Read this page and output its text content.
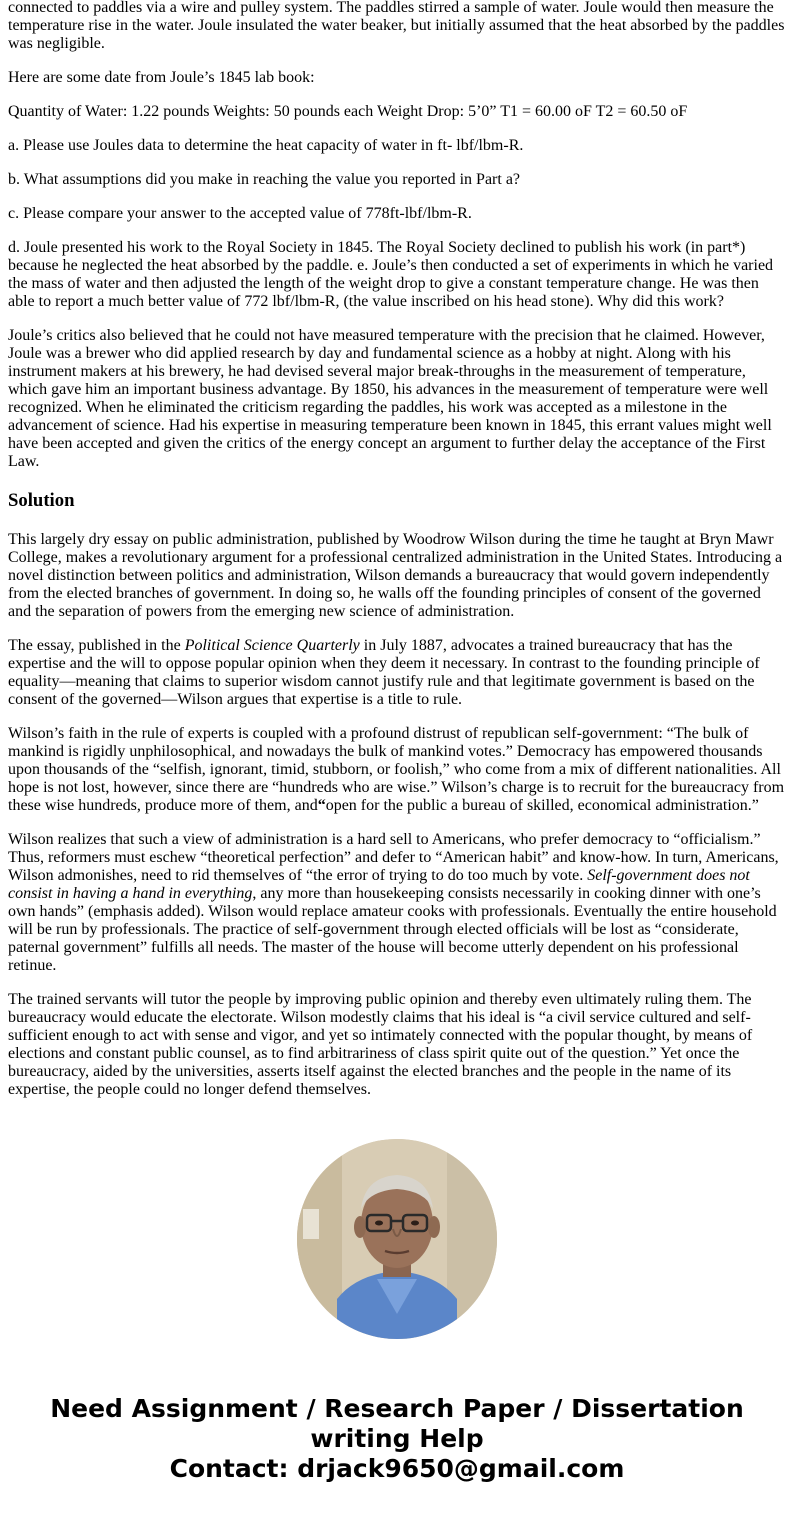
connected to paddles via a wire and pulley system. The paddles stirred a sample of water. Joule would then measure the temperature rise in the water. Joule insulated the water beaker, but initially assumed that the heat absorbed by the paddles was negligible.

Here are some date from Joule’s 1845 lab book:

Quantity of Water: 1.22 pounds Weights: 50 pounds each Weight Drop: 5’0” T1 = 60.00 oF T2 = 60.50 oF

a. Please use Joules data to determine the heat capacity of water in ft- lbf/lbm-R.

b. What assumptions did you make in reaching the value you reported in Part a?

c. Please compare your answer to the accepted value of 778ft-lbf/lbm-R.

d. Joule presented his work to the Royal Society in 1845. The Royal Society declined to publish his work (in part*) because he neglected the heat absorbed by the paddle. e. Joule’s then conducted a set of experiments in which he varied the mass of water and then adjusted the length of the weight drop to give a constant temperature change. He was then able to report a much better value of 772 lbf/lbm-R, (the value inscribed on his head stone). Why did this work?

Joule’s critics also believed that he could not have measured temperature with the precision that he claimed. However, Joule was a brewer who did applied research by day and fundamental science as a hobby at night. Along with his instrument makers at his brewery, he had devised several major break-throughs in the measurement of temperature, which gave him an important business advantage. By 1850, his advances in the measurement of temperature were well recognized. When he eliminated the criticism regarding the paddles, his work was accepted as a milestone in the advancement of science. Had his expertise in measuring temperature been known in 1845, this errant values might well have been accepted and given the critics of the energy concept an argument to further delay the acceptance of the First Law.

Solution

This largely dry essay on public administration, published by Woodrow Wilson during the time he taught at Bryn Mawr College, makes a revolutionary argument for a professional centralized administration in the United States. Introducing a novel distinction between politics and administration, Wilson demands a bureaucracy that would govern independently from the elected branches of government. In doing so, he walls off the founding principles of consent of the governed and the separation of powers from the emerging new science of administration.

The essay, published in the Political Science Quarterly in July 1887, advocates a trained bureaucracy that has the expertise and the will to oppose popular opinion when they deem it necessary. In contrast to the founding principle of equality—meaning that claims to superior wisdom cannot justify rule and that legitimate government is based on the consent of the governed—Wilson argues that expertise is a title to rule.

Wilson’s faith in the rule of experts is coupled with a profound distrust of republican self-government: “The bulk of mankind is rigidly unphilosophical, and nowadays the bulk of mankind votes.” Democracy has empowered thousands upon thousands of the “selfish, ignorant, timid, stubborn, or foolish,” who come from a mix of different nationalities. All hope is not lost, however, since there are “hundreds who are wise.” Wilson’s charge is to recruit for the bureaucracy from these wise hundreds, produce more of them, and“open for the public a bureau of skilled, economical administration.”

Wilson realizes that such a view of administration is a hard sell to Americans, who prefer democracy to “officialism.” Thus, reformers must eschew “theoretical perfection” and defer to “American habit” and know-how. In turn, Americans, Wilson admonishes, need to rid themselves of “the error of trying to do too much by vote. Self-government does not consist in having a hand in everything, any more than housekeeping consists necessarily in cooking dinner with one’s own hands” (emphasis added). Wilson would replace amateur cooks with professionals. Eventually the entire household will be run by professionals. The practice of self-government through elected officials will be lost as “considerate, paternal government” fulfills all needs. The master of the house will become utterly dependent on his professional retinue.

The trained servants will tutor the people by improving public opinion and thereby even ultimately ruling them. The bureaucracy would educate the electorate. Wilson modestly claims that his ideal is “a civil service cultured and self-sufficient enough to act with sense and vigor, and yet so intimately connected with the popular thought, by means of elections and constant public counsel, as to find arbitrariness of class spirit quite out of the question.” Yet once the bureaucracy, aided by the universities, asserts itself against the elected branches and the people in the name of its expertise, the people could no longer defend themselves.

Need Assignment / Research Paper / Dissertation
writing Help
Contact: drjack9650@gmail.com
